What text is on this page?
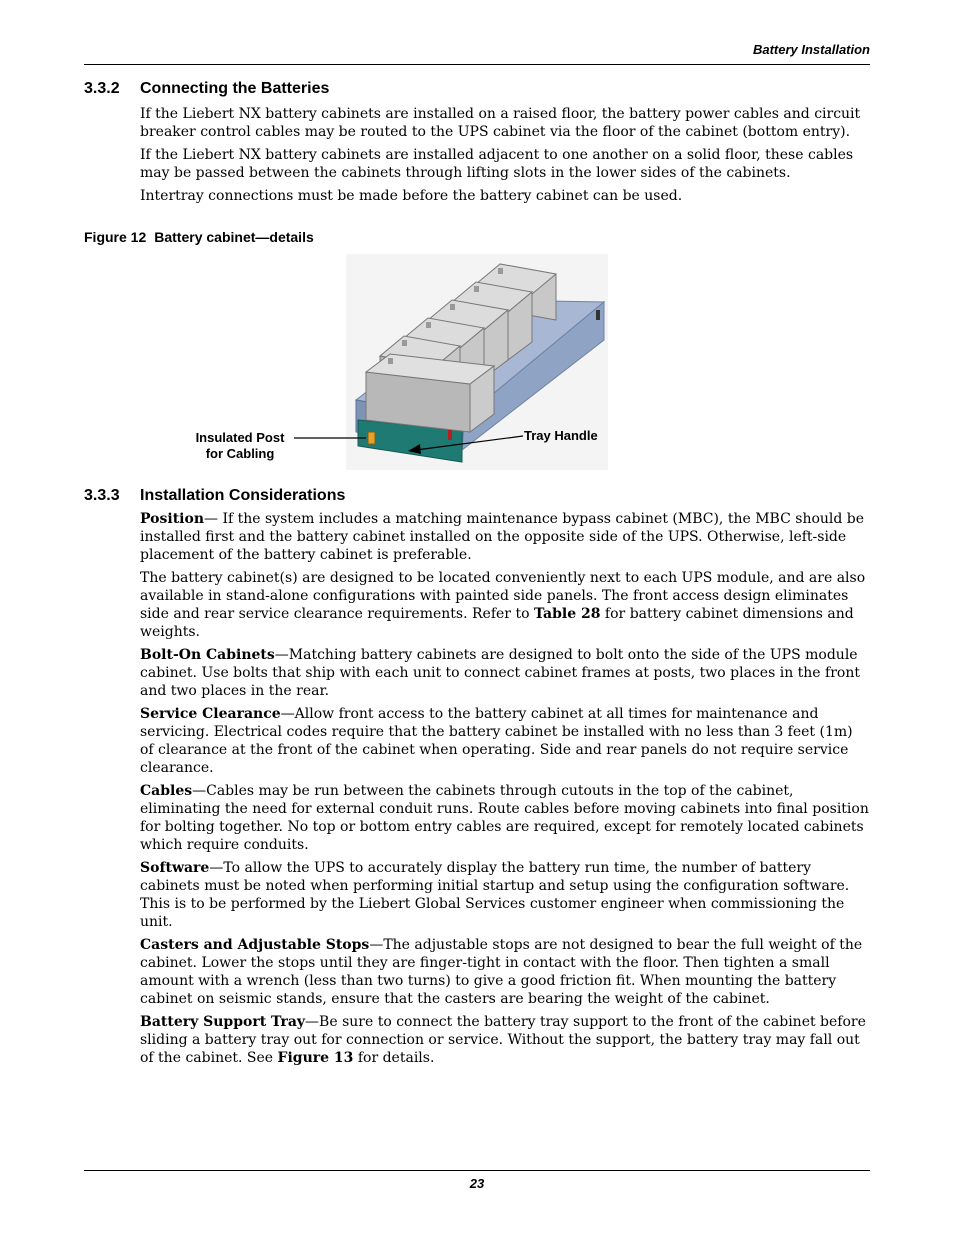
Battery Installation
3.3.2 Connecting the Batteries

If the Liebert NX battery cabinets are installed on a raised floor, the battery power cables and circuit breaker control cables may be routed to the UPS cabinet via the floor of the cabinet (bottom entry).

If the Liebert NX battery cabinets are installed adjacent to one another on a solid floor, these cables may be passed between the cabinets through lifting slots in the lower sides of the cabinets.

Intertray connections must be made before the battery cabinet can be used.

Figure 12 Battery cabinet—details
Insulated Post
for Cabling
Tray Handle
3.3.3 Installation Considerations

Position— If the system includes a matching maintenance bypass cabinet (MBC), the MBC should be installed first and the battery cabinet installed on the opposite side of the UPS. Otherwise, left-side placement of the battery cabinet is preferable.

The battery cabinet(s) are designed to be located conveniently next to each UPS module, and are also available in stand-alone configurations with painted side panels. The front access design eliminates side and rear service clearance requirements. Refer to Table 28 for battery cabinet dimensions and weights.

Bolt-On Cabinets—Matching battery cabinets are designed to bolt onto the side of the UPS module cabinet. Use bolts that ship with each unit to connect cabinet frames at posts, two places in the front and two places in the rear.

Service Clearance—Allow front access to the battery cabinet at all times for maintenance and servicing. Electrical codes require that the battery cabinet be installed with no less than 3 feet (1m) of clearance at the front of the cabinet when operating. Side and rear panels do not require service clearance.

Cables—Cables may be run between the cabinets through cutouts in the top of the cabinet, eliminating the need for external conduit runs. Route cables before moving cabinets into final position for bolting together. No top or bottom entry cables are required, except for remotely located cabinets which require conduits.

Software—To allow the UPS to accurately display the battery run time, the number of battery cabinets must be noted when performing initial startup and setup using the configuration software. This is to be performed by the Liebert Global Services customer engineer when commissioning the unit.

Casters and Adjustable Stops—The adjustable stops are not designed to bear the full weight of the cabinet. Lower the stops until they are finger-tight in contact with the floor. Then tighten a small amount with a wrench (less than two turns) to give a good friction fit. When mounting the battery cabinet on seismic stands, ensure that the casters are bearing the weight of the cabinet.

Battery Support Tray—Be sure to connect the battery tray support to the front of the cabinet before sliding a battery tray out for connection or service. Without the support, the battery tray may fall out of the cabinet. See Figure 13 for details.

23
